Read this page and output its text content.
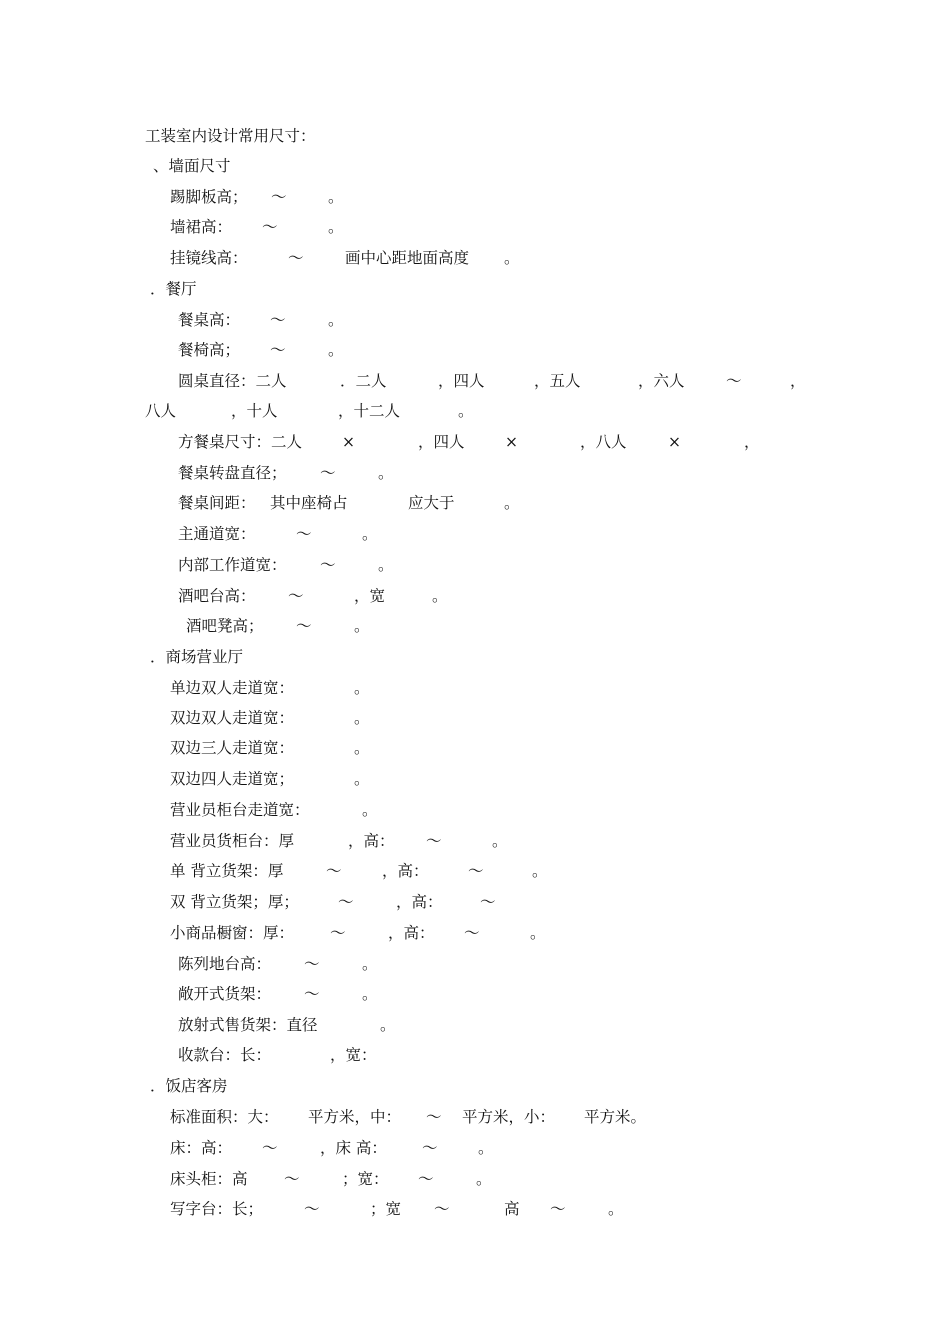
工装室内设计常用尺寸：
、墙面尺寸
踢脚板高； ～	。
墙裙高： ～	。
挂镜线高：	～	画中心距地面高度 。
．餐厅
餐桌高： ～	。
餐椅高； ～	。
圆桌直径：二人	．二人	，四人	，五人	，六人	～	，
八人	，十人	，十二人	。
方餐桌尺寸：二人	×	，四人	×	，八人	×	，
餐桌转盘直径； ～	。
餐桌间距： 其中座椅占	应大于	。
主通道宽：	～	。
内部工作道宽： ～	。
酒吧台高： ～	，宽	。
酒吧凳高； ～	。
．商场营业厅
单边双人走道宽：	。
双边双人走道宽：	。
双边三人走道宽：	。
双边四人走道宽；	。
营业员柜台走道宽：	。
营业员货柜台：厚	，高： ～	。
单 背立货架：厚	～	，高：	～	。
双 背立货架；厚；	～	，高： ～
小商品橱窗：厚： ～	，高： ～	。
陈列地台高： ～	。
敞开式货架： ～	。
放射式售货架：直径	。
收款台：长：	，宽：
．饭店客房
标准面积：大： 平方米，中： ～ 平方米，小： 平方米。
床：高： ～	，床 高： ～	。
床头柜：高 ～	；宽： ～	。
写字台：长；	～	；宽 ～	高 ～	。
